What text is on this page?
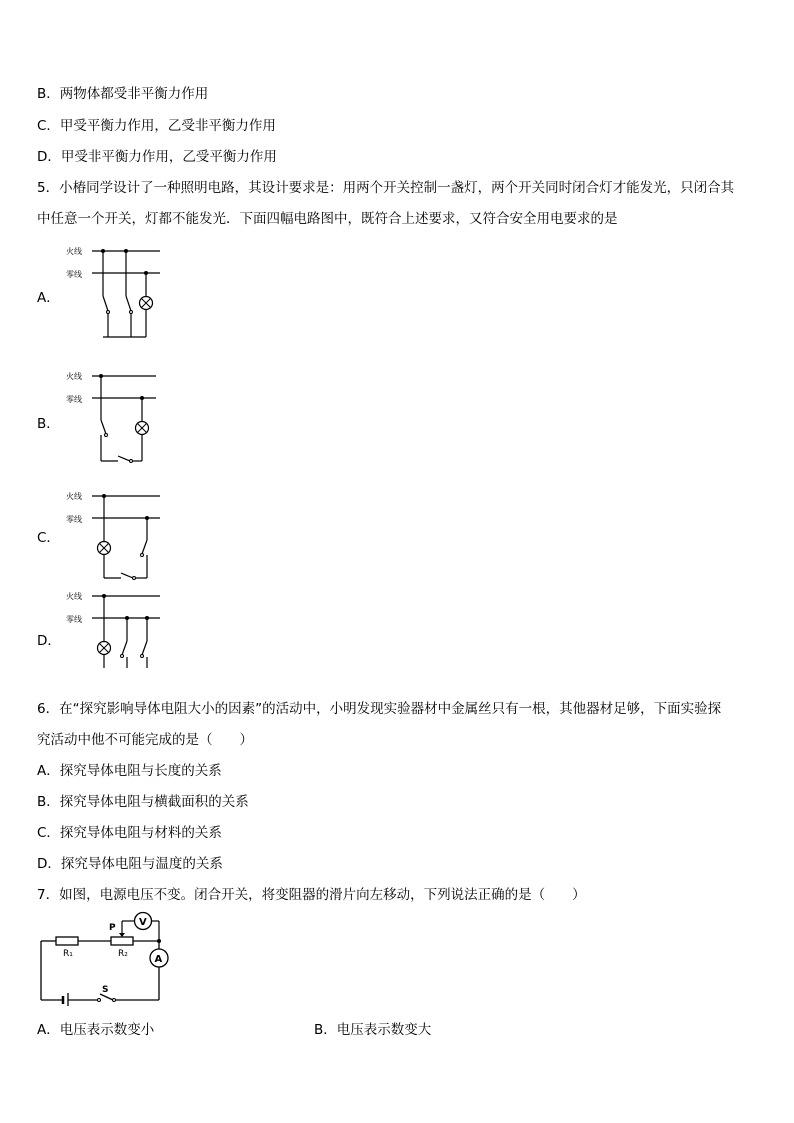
B．两物体都受非平衡力作用
C．甲受平衡力作用，乙受非平衡力作用
D．甲受非平衡力作用，乙受平衡力作用
5．小椿同学设计了一种照明电路，其设计要求是：用两个开关控制一盏灯，两个开关同时闭合灯才能发光，只闭合其
中任意一个开关，灯都不能发光．下面四幅电路图中，既符合上述要求，又符合安全用电要求的是
A．
火线
零线
B．
火线
零线
C．
火线
零线
D．
火线
零线
6．在“探究影响导体电阻大小的因素”的活动中，小明发现实验器材中金属丝只有一根，其他器材足够，下面实验探
究活动中他不可能完成的是（　　）
A．探究导体电阻与长度的关系
B．探究导体电阻与横截面积的关系
C．探究导体电阻与材料的关系
D．探究导体电阻与温度的关系
7．如图，电源电压不变。闭合开关，将变阻器的滑片向左移动，下列说法正确的是（　　）
P V
R₁	R₂	A
S
A．电压表示数变小	B．电压表示数变大
